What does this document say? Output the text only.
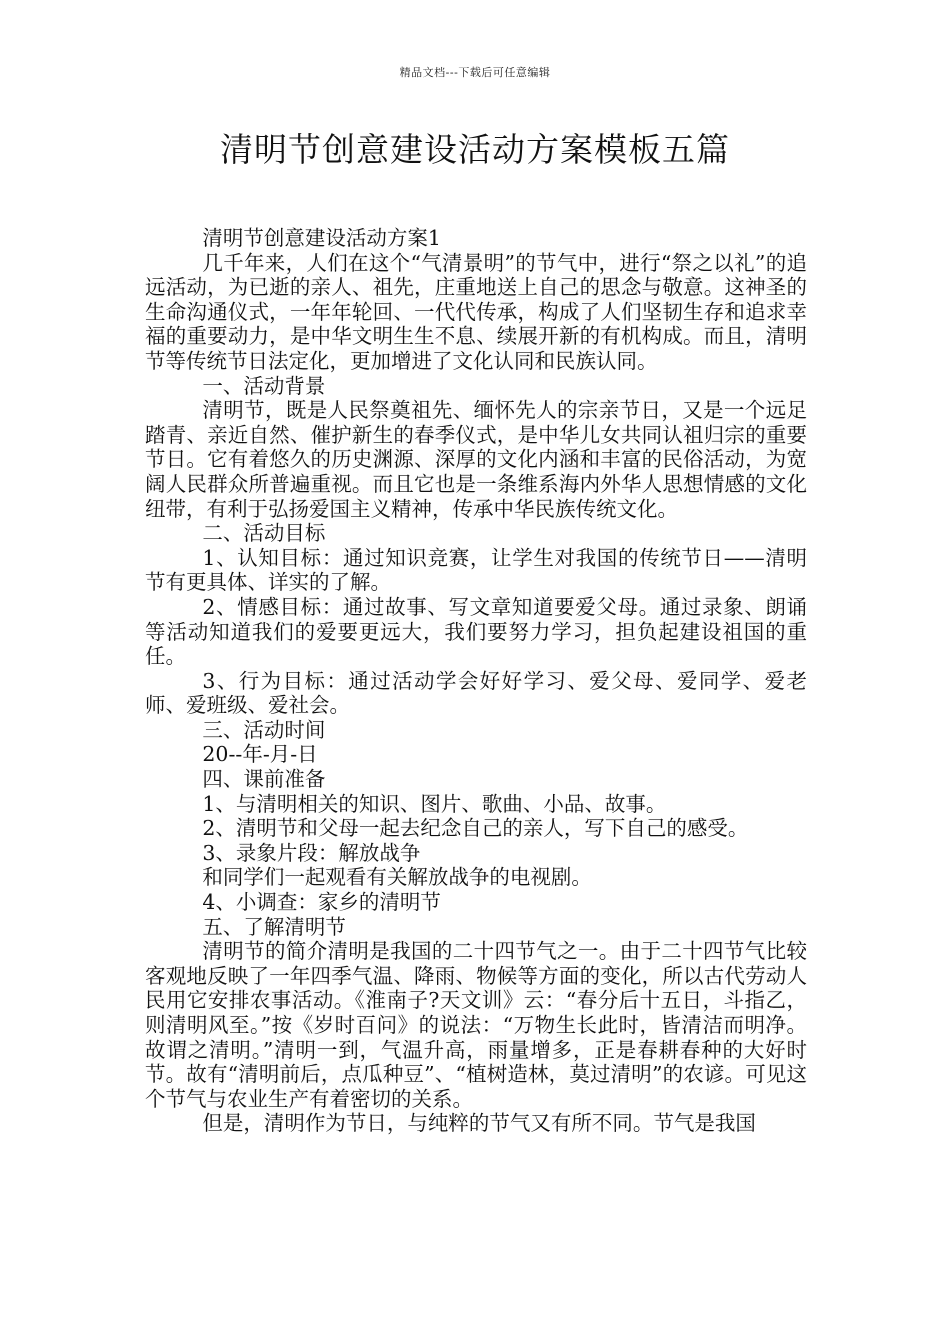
精品文档---下载后可任意编辑
清明节创意建设活动方案模板五篇

清明节创意建设活动方案1

几千年来，人们在这个“气清景明”的节气中，进行“祭之以礼”的追远活动，为已逝的亲人、祖先，庄重地送上自己的思念与敬意。这神圣的生命沟通仪式，一年年轮回、一代代传承，构成了人们坚韧生存和追求幸福的重要动力，是中华文明生生不息、续展开新的有机构成。而且，清明节等传统节日法定化，更加增进了文化认同和民族认同。

一、活动背景

清明节，既是人民祭奠祖先、缅怀先人的宗亲节日，又是一个远足踏青、亲近自然、催护新生的春季仪式，是中华儿女共同认祖归宗的重要节日。它有着悠久的历史渊源、深厚的文化内涵和丰富的民俗活动，为宽阔人民群众所普遍重视。而且它也是一条维系海内外华人思想情感的文化纽带，有利于弘扬爱国主义精神，传承中华民族传统文化。

二、活动目标

1、认知目标：通过知识竞赛，让学生对我国的传统节日——清明节有更具体、详实的了解。

2、情感目标：通过故事、写文章知道要爱父母。通过录象、朗诵等活动知道我们的爱要更远大，我们要努力学习，担负起建设祖国的重任。

3、行为目标：通过活动学会好好学习、爱父母、爱同学、爱老师、爱班级、爱社会。

三、活动时间

20--年-月-日

四、课前准备

1、与清明相关的知识、图片、歌曲、小品、故事。

2、清明节和父母一起去纪念自己的亲人，写下自己的感受。

3、录象片段：解放战争

和同学们一起观看有关解放战争的电视剧。

4、小调查：家乡的清明节

五、了解清明节

清明节的简介清明是我国的二十四节气之一。由于二十四节气比较客观地反映了一年四季气温、降雨、物候等方面的变化，所以古代劳动人民用它安排农事活动。《淮南子?天文训》云：“春分后十五日，斗指乙，则清明风至。”按《岁时百问》的说法：“万物生长此时，皆清洁而明净。故谓之清明。”清明一到，气温升高，雨量增多，正是春耕春种的大好时节。故有“清明前后，点瓜种豆”、“植树造林，莫过清明”的农谚。可见这个节气与农业生产有着密切的关系。

但是，清明作为节日，与纯粹的节气又有所不同。节气是我国
